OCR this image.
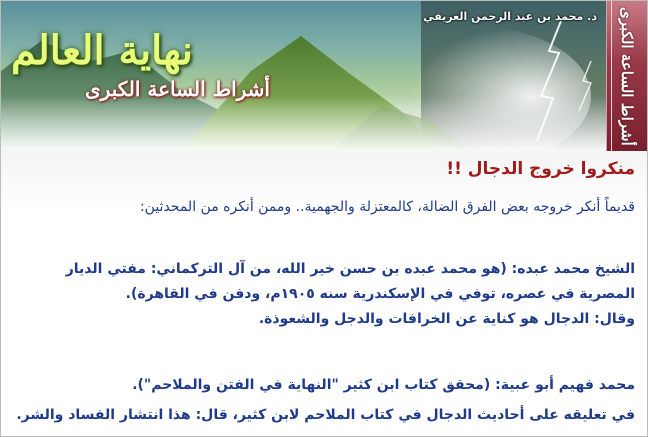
د. محمد بن عبد الرحمن العريفي
نهاية العالم
أشراط الساعة الكبرى	أشراط الساعة الكبرى
منكروا خروج الدجال !!
قديماً أنكر خروجه بعض الفرق الضالة، كالمعتزلة والجهمية.. وممن أنكره من المحدثين:
الشيخ محمد عبده: (هو محمد عبده بن حسن خير الله، من آل التركماني: مفتي الديار
المصرية في عصره، توفي في الإسكندرية سنه ١٩٠٥م، ودفن في القاهرة).
وقال: الدجال هو كناية عن الخرافات والدجل والشعوذة.
محمد فهيم أبو عبية: (محقق كتاب ابن كثير "النهاية في الفتن والملاحم").
في تعليقه على أحاديث الدجال في كتاب الملاحم لابن كثير، قال: هذا انتشار الفساد والشر.
